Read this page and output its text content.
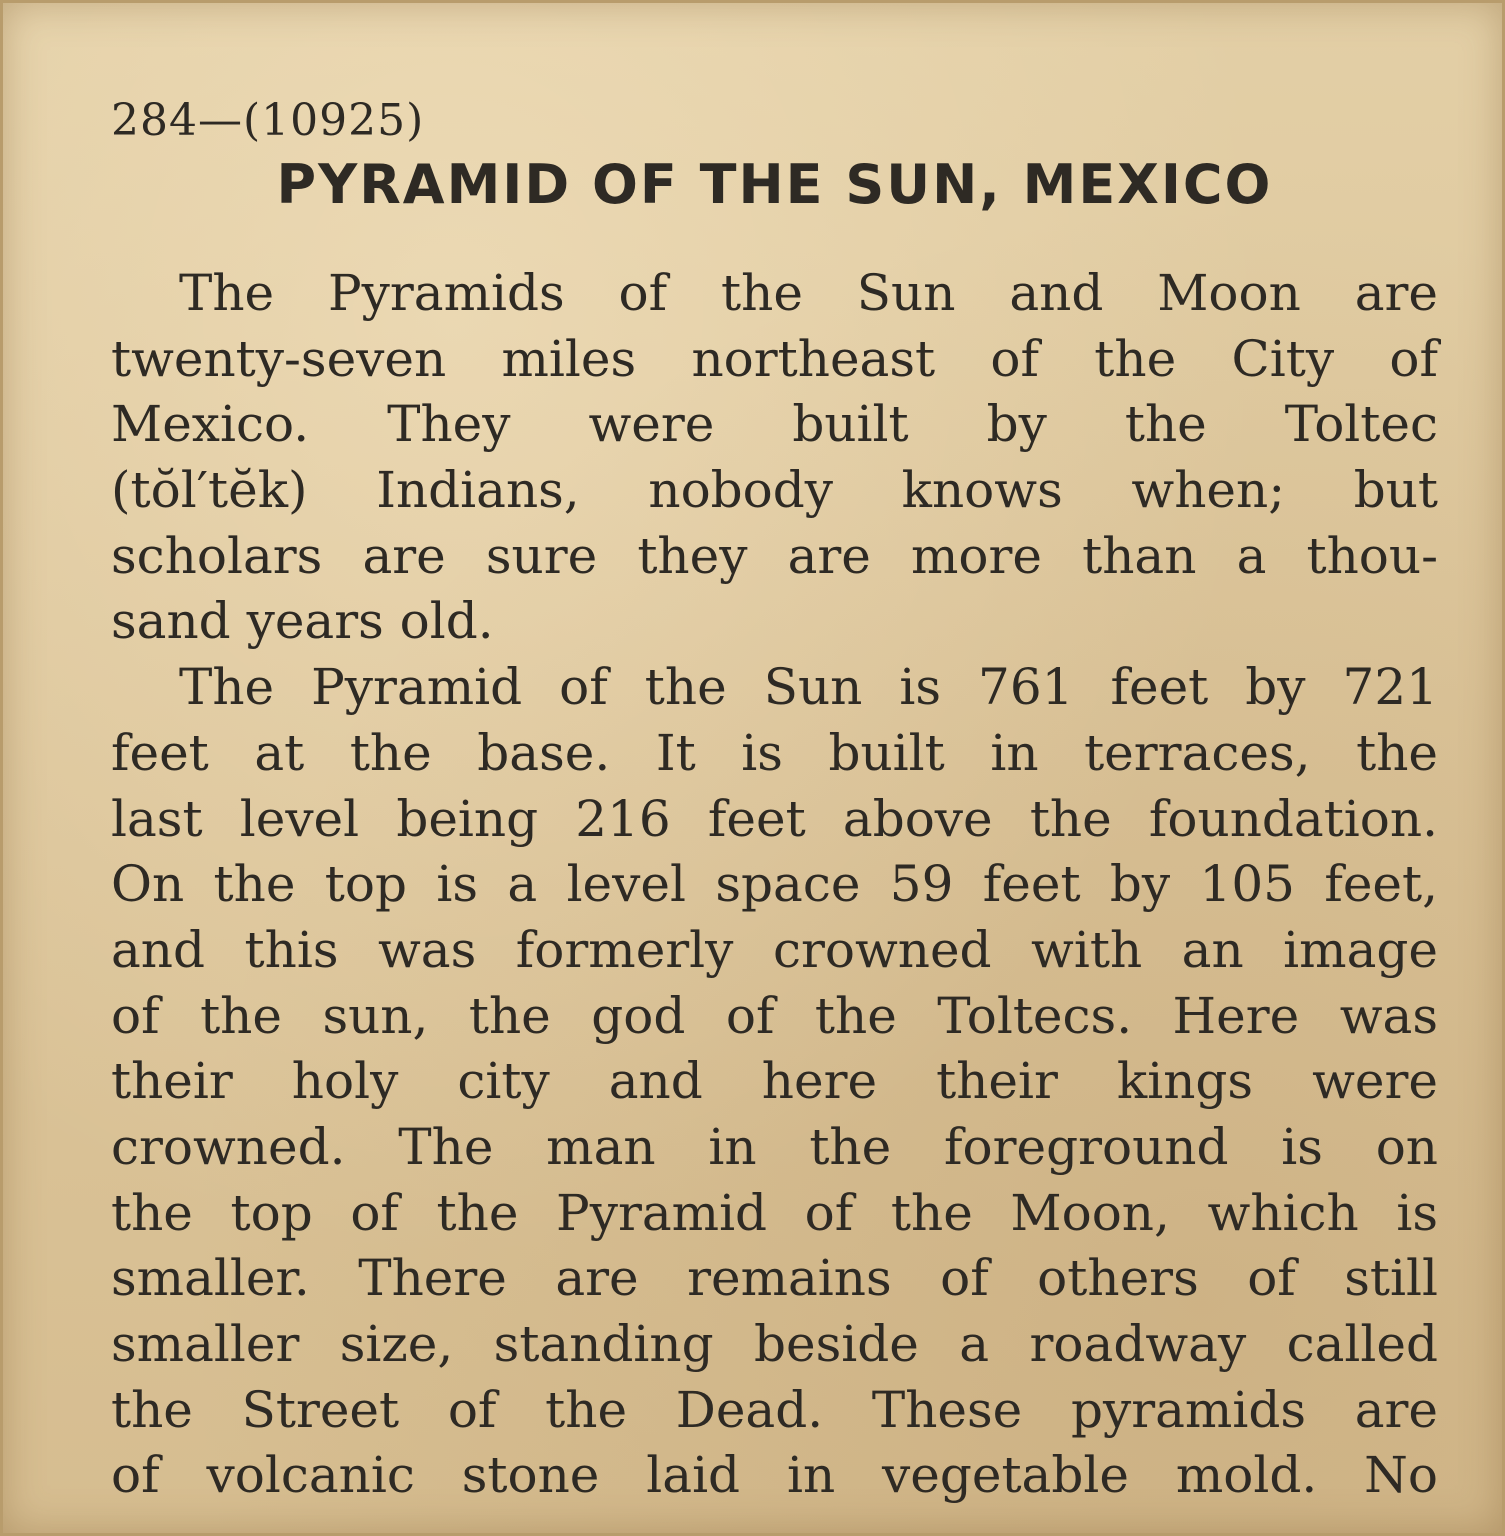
284—(10925)
PYRAMID OF THE SUN, MEXICO
The Pyramids of the Sun and Moon are
twenty-seven miles northeast of the City of
Mexico. They were built by the Toltec
(tŏl′tĕk) Indians, nobody knows when; but
scholars are sure they are more than a thou-
sand years old.
The Pyramid of the Sun is 761 feet by 721
feet at the base. It is built in terraces, the
last level being 216 feet above the foundation.
On the top is a level space 59 feet by 105 feet,
and this was formerly crowned with an image
of the sun, the god of the Toltecs. Here was
their holy city and here their kings were
crowned. The man in the foreground is on
the top of the Pyramid of the Moon, which is
smaller. There are remains of others of still
smaller size, standing beside a roadway called
the Street of the Dead. These pyramids are
of volcanic stone laid in vegetable mold. No
